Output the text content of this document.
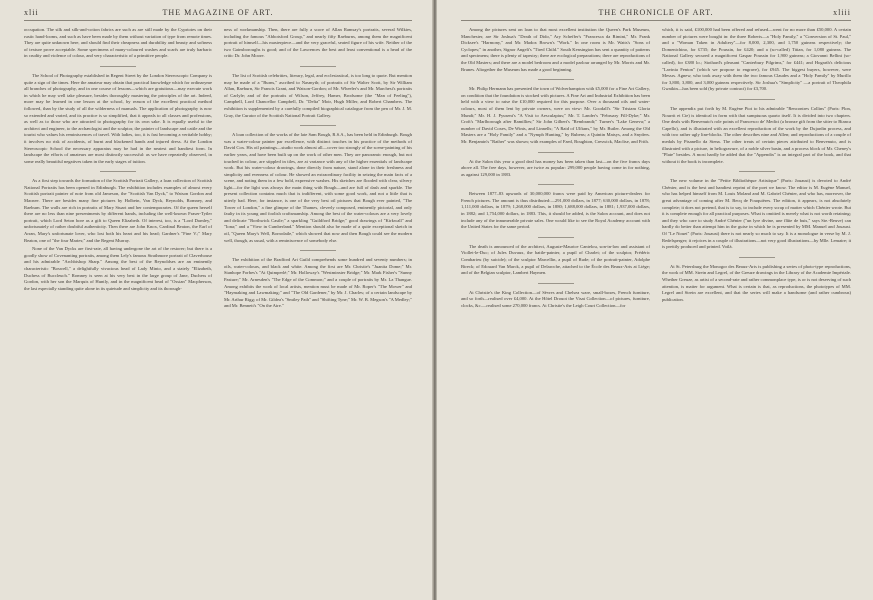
xlii	THE MAGAZINE OF ART.

occupation. The silk and silk-and-cotton fabrics are such as are still made by the Cypriotes on their rustic hand-looms, and such as have been made by them without variation of type from remote times. They are quite unknown here, and should find their cheapness and durability and beauty and softness of texture prove acceptable. Some specimens of many-coloured washes and scarfs are truly barbaric in crudity and violence of colour, and very characteristic of a primitive people.

The School of Photography established in Regent Street by the London Stereoscopic Company is quite a sign of the times. Here the amateur may obtain that practical knowledge which for ordinaryme all branches of photography, and in one course of lessons—which are gratuitous—may execute work in which he may well take pleasure, besides thoroughly mastering the principles of the art. Indeed, more may be learned in one lesson at the school, by reason of the excellent practical method followed, than by the study of all the wilderness of manuals. The application of photography is now so extended and varied, and its practice is so simplified, that it appeals to all classes and professions, as well as to those who are attracted to photography for its own sake. It is equally useful to the architect and engineer, to the archæologist and the sculptor, the painter of landscape and cattle and the tourist who values his reminiscences of travel. With ladies, too, it is fast becoming a veritable hobby; it involves no risk of accidents, of burnt and blackened hands and injured dress. At the London Stereoscopic School the necessary apparatus may be had in the neatest and handiest form. In landscape the efforts of amateurs are most distinctly successful: as we have repeatedly observed, in some really beautiful negatives taken in the early stages of tuition.

As a first step towards the formation of the Scottish Portrait Gallery, a loan collection of Scottish National Portraits has been opened in Edinburgh. The exhibition includes examples of almost every Scottish portrait painter of note from old Jameson, the "Scottish Van Dyck," to Watson Gordon and Macnee. There are besides many fine pictures by Holbein, Van Dyck, Reynolds, Romney, and Raeburn. The walls are rich in portraits of Mary Stuart and her contemporaries. Of the queen herself there are no less than nine presentments by different hands, including the well-known Fraser-Tytler portrait, which Lord Seton bore as a gift to Queen Elizabeth. Of interest, too, is a "Lord Darnley," unfortunately of rather doubtful authenticity. Then there are John Knox, Cardinal Beaton, the Earl of Arran, Mary's unfortunate lover, who lost both his heart and his head; Gardner's "Fine V.;" Mary Beaton, one of "the four Maries;" and the Regent Murray.

None of the Van Dycks are first-rate, all having undergone the art of the restorer; but there is a goodly show of Covenanting portraits, among them Lely's famous Strathmore portrait of Claverhouse and his admirable "Archbishop Sharp." Among the best of the Reynoldses are an eminently characteristic "Boswell," a delightfully vivacious head of Lady Minto, and a stately "Elizabeth, Duchess of Buccleuch." Romney is seen at his very best in the large group of Jane, Duchess of Gordon, with her son the Marquis of Huntly, and in the magnificent head of "Ossian" Macpherson, the last especially standing quite alone in its quietude and simplicity and its thorough-

ness of workmanship. Then, there are fully a score of Allan Ramsay's portraits, several Wilkies, including the famous "Abbotsford Group," and nearly fifty Raeburns, among them the magnificent portrait of himself—his masterpiece—and the very graceful, seated figure of his wife. Neither of the two Gainsboroughs is good; and of the Lawrences the best and least conventional is a head of the critic Dr. John Moore.

The list of Scottish celebrities, literary, legal, and ecclesiastical, is too long to quote. But mention may be made of a "Burns," ascribed to Nasmyth; of portraits of Sir Walter Scott, by Sir William Allan, Raeburn, Sir Francis Grant, and Watson-Gordon; of Mr. Wheeler's and Mr. Marchesi's portraits of Carlyle; and of the portraits of Wilson, Jeffrey, Hamer, Brodsome (the "Man of Feeling"), Campbell, Lord Chancellor Campbell, Dr. "Delta" Moir, Hugh Miller, and Robert Chambers. The exhibition is supplemented by a carefully compiled biographical catalogue from the pen of Mr. J. M. Gray, the Curator of the Scottish National Portrait Gallery.

A loan collection of the works of the late Sam Bough, R.S.A., has been held in Edinburgh. Bough was a water-colour painter par excellence, with distinct touches in his practice of the methods of David Cox. His oil paintings—studio work almost all—cover too strongly of the scene-painting of his earlier years, and have been built up on the work of other men. They are panoramic enough, but not touched in colour, are stippled in tiles, are at variance with any of the higher essentials of landscape work. But his water-colour drawings, done directly from nature, stand alone in their freshness and simplicity and evenness of colour. He showed an extraordinary facility in seizing the main facts of a scene, and noting them in a few bold, expressive washes. His sketches are flooded with clear, silvery light—for the light was always the main thing with Bough—and are full of dash and sparkle. The present collection contains much that is indifferent, with some good work, and not a little that is utterly bad. Here, for instance, is one of the very best oil pictures that Bough ever painted, "The Tower of London," a fine glimpse of the Thames, cleverly composed, eminently pictorial, and only faulty in its young and foolish craftsmanship. Among the best of the water-colours are a very lovely and delicate "Borthwick Castle;" a sparkling "Guildford Bridge;" good drawings of "Kirkwall" and "Iona;" and a "View in Cumberland." Mention should also be made of a quite exceptional sketch in oil, "Queen Mary's Well, Borrodaile," which showed that now and then Bough could see the modern well, though, as usual, with a reminiscence of somebody else.

The exhibition of the Bradford Art Guild comprehends some hundred and seventy numbers; in oils, water-colours, and black and white. Among the first are Mr. Christie's "Juanita Dome;" Mr. Stanhope Forbes's "At Quimperlé;" Mr. Holloway's "Westminster Bridge;" Mr. Mark Fisher's "Sunny Pasture;" Mr. Arnesden's "The Edge of the Common;" and a couple of portraits by Mr. La Thangue. Among exhibits the work of local artists, mention must be made of Mr. Roper's "The Mower" and "Haymaking and Lawmaking;" and "The Old Gardener," by Mr. J. Charles; of a certain landscape by Mr. Arthur Rigg; of Mr. Gildea's "Smiley Path" and "Shifting Tyne;" Mr. W. B. Megson's "A Medley;" and Mr. Bennett's "On the Aire."

THE CHRONICLE OF ART.	xliii

Among the pictures sent on loan to that most excellent institution the Queen's Park Museum, Manchester, are Sir Joshua's "Death of Dido," Ary Scheffer's "Francesca da Rimini," Mr. Frank Dicksee's "Harmony," and Mr. Madox Brown's "Work." In one room is Mr. Watts's "Sons of Cyclopes;" in another, Signor Angeli's "Tired Child." South Kensington has sent a quantity of patterns and specimens; there is plenty of tapestry; there are ecological preparations; there are reproductions of the Old Masters; and there are a model bedroom and a model parlour arranged by Mr. Morris and Mr. Brunes. Altogether the Museum has made a good beginning.

Mr. Philip Hermann has presented the town of Wolverhampton with £5,000 for a Fine Art Gallery, on condition that the foundation is stocked with pictures. A Fine Art and Industrial Exhibition has been held with a view to raise the £10,000 required for this purpose. Over a thousand oils and water-colours, most of them lent by private owners, were on view: Mr. Goodall's "Sir Tristam Gloria Mundi;" Mr. H. J. Pyusent's "A Visit to Aesculapius;" Mr. T. Lander's "February Fill-Dyke;" Mr. Croft's "Marlborough after Ramillies;" Sir John Gilbert's "Rembrandt;" Turner's "Lake Geneva;" a number of David Coxes, De Wints, and Linnells; "A Raid of Ulfians," by Mr. Butler. Among the Old Masters are a "Holy Family" and a "Nymph Hunting," by Rubens; a Quintin Matsys, and a Snyders. Mr. Benjamin's "Rather" was shown; with examples of Faed, Boughton, Creswick, Maclise, and Frith.

At the Salon this year a good deal has money has been taken than last—on the five francs days above all. The free days, however, are twice as popular: 299,000 people having come in for nothing, as against 129,000 in 1883.

Between 1877–83 upwards of 30,000,000 francs were paid by American picture-dealers for French pictures. The amount is thus distributed:—291,000 dollars, in 1877; 630,000 dollars, in 1878; 1,111,000 dollars, in 1879; 1,268,000 dollars, in 1880; 1,688,000 dollars, in 1881; 1,937,000 dollars, in 1882; and 1,754,000 dollars, in 1883. This, it should be added, is the Salon account, and does not include any of the innumerable private sales. One would like to see the Royal Academy account with the United States for the same period.

The death is announced of the architect, Auguste-Maurice Cantelou, son-in-law and assistant of Viollet-le-Duc; of Jules Duvaux, the battle-painter, a pupil of Charlet; of the sculptor, Frédéric Combarieu (by suicide); of the sculptor Marcellin, a pupil of Rude; of the portrait-painter, Adolphe Bireck; of Edouard Van Marck, a pupil of Delaroche, attached to the École des Beaux-Arts at Liège; and of the Belgian sculptor, Lambert Haymen.

At Christie's the King Collection—of Sèvres and Chelsea ware, small-boxes, French furniture, and so forth—realised over £4,000. At the Hôtel Drouot the Visat Collection—of pictures, furniture, clocks, &c.—realised some 270,000 francs. At Christie's the Leigh Court Collection—for

which, it is said, £100,000 had been offered and refused—went for no more than £50,000. A certain number of pictures were bought in: the three Roberts—a "Holy Family," a "Conversion of St. Paul," and a "Woman Taken in Adultery"—for 8,000, 2,300, and 1,750 guineas respectively; the Domenichino, for £735; the Poussin, for £420; and a (so-called) Titian, for 1,080 guineas. The National Gallery secured a magnificent Gaspar Poussin for 1,900 guineas; a Giovanni Bellini (so-called), for £380 lo.; Stothard's pleasant "Canterbury Pilgrims," for £441; and Hogarth's delicious "Lavinia Fenton" (which we propose to engrave), for £945. The biggest buyers, however, were Messrs. Agnew, who took away with them the two famous Claudes and a "Holy Family" by Murillo for 3,800, 3,800, and 3,000 guineas respectively. Sir Joshua's "Simplicity" —a portrait of Theophila Gwatkin—has been sold (by private contract) for £3,700.

The appendix put forth by M. Eugène Piot to his admirable "Rencontres Collins" (Paris: Plon, Nourrit et Cie) is identical in form with that sumptuous quarto itself. It is divided into two chapters. One deals with Benvenuto's role points of Francesco de' Medici (a bronze gift from the sitter to Bianca Capello), and is illustrated with an excellent reproduction of the work by the Dujardin process, and with two rather ugly line-blocks. The other describes nine and Allen; and reproductions of a couple of medals by Pisanello da Siena. The other treats of certain pieces attributed to Benvenuto, and is illustrated with a picture, in heliogravure, of a noble silver basin, and a process block of Mr. Cheney's "Plate" besides. A most hardly be added that the "Appendix" is an integral part of the book, and that without it the book is incomplete.

The new volume in the "Petite Bibliothèque Artistique" (Paris: Jouaust) is devoted to André Chénier, and is the best and handiest reprint of the poet we know. The editor is M. Eugène Manuel, who has helped himself from M. Louis Moland and M. Gabriel Chénier, and who has, moreover, the great advantage of coming after M. Becq de Fouquières. The edition, it appears, is not absolutely complete; it does not pretend, that is to say, to include every scrap of matter which Chénier wrote. But it is complete enough for all practical purposes. What is omitted is merely what is not worth retaining; and they who care to study André Chénier ("un lyre divine, une flûte de buis," says Ste.-Beuve) can hardly do better than attempt him in the guise in which he is presented by MM. Manuel and Jouaust. Of "Le Nouet" (Paris: Jouaust) there is not nearly so much to say. It is a monologue in verse by M. J. Redelsperger; it rejoices in a couple of illustrations—not very good illustrations—by Mlle. Lemaire; it is prettily produced and printed. Voilà.

At St. Petersburg the Monogor des Beaux-Arts is publishing a series of photo-type reproductions, the work of MM. Strein and Legrel, of the Greuze drawings in the Library of the Academie Impériale. Whether Greuze, as artist of a second-rate and rather commonplace type, is or is not deserving of such attention, is matter for argument. What is certain is that, as reproductions, the phototypes of MM. Legrel and Strein are excellent, and that the series will make a handsome (and rather cumbrous) publication.
